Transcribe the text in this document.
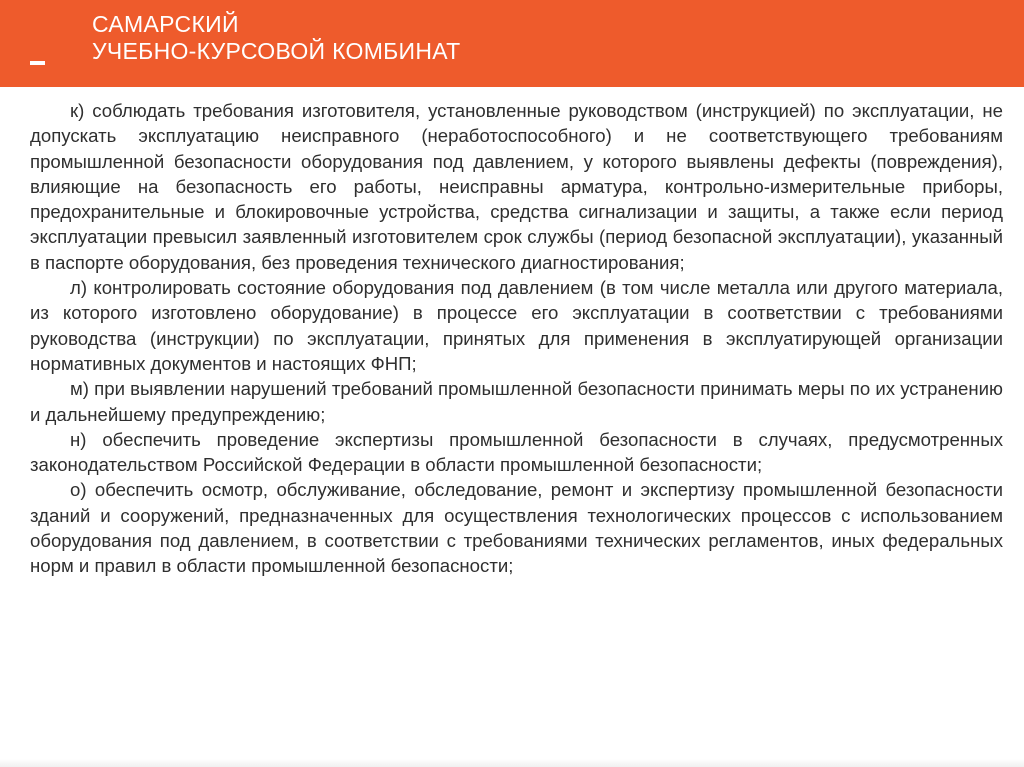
САМАРСКИЙ
УЧЕБНО-КУРСОВОЙ КОМБИНАТ

к) соблюдать требования изготовителя, установленные руководством (инструкцией) по эксплуатации, не допускать эксплуатацию неисправного (неработоспособного) и не соответствующего требованиям промышленной безопасности оборудования под давлением, у которого выявлены дефекты (повреждения), влияющие на безопасность его работы, неисправны арматура, контрольно-измерительные приборы, предохранительные и блокировочные устройства, средства сигнализации и защиты, а также если период эксплуатации превысил заявленный изготовителем срок службы (период безопасной эксплуатации), указанный в паспорте оборудования, без проведения технического диагностирования;

л) контролировать состояние оборудования под давлением (в том числе металла или другого материала, из которого изготовлено оборудование) в процессе его эксплуатации в соответствии с требованиями руководства (инструкции) по эксплуатации, принятых для применения в эксплуатирующей организации нормативных документов и настоящих ФНП;

м) при выявлении нарушений требований промышленной безопасности принимать меры по их устранению и дальнейшему предупреждению;

н) обеспечить проведение экспертизы промышленной безопасности в случаях, предусмотренных законодательством Российской Федерации в области промышленной безопасности;

о) обеспечить осмотр, обслуживание, обследование, ремонт и экспертизу промышленной безопасности зданий и сооружений, предназначенных для осуществления технологических процессов с использованием оборудования под давлением, в соответствии с требованиями технических регламентов, иных федеральных норм и правил в области промышленной безопасности;
